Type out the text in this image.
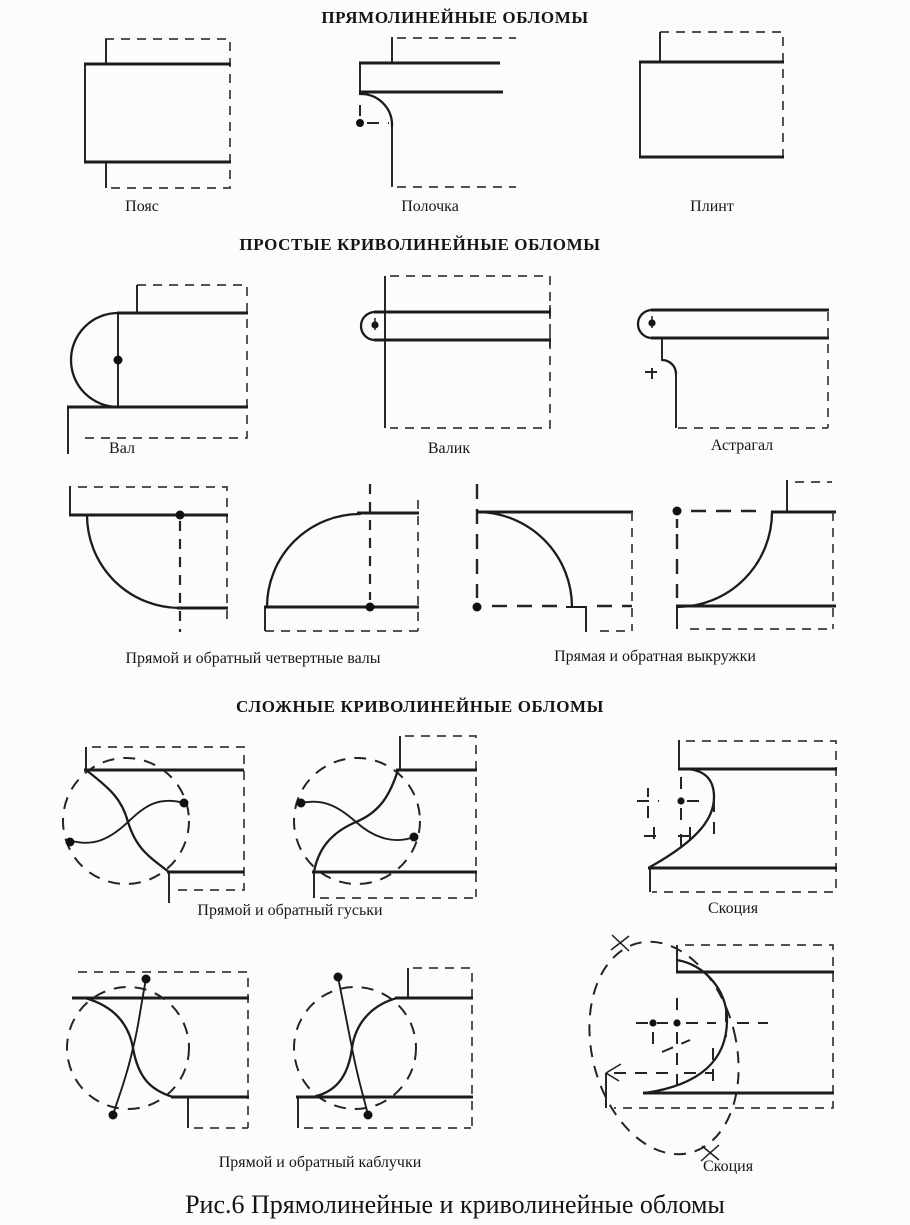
ПРЯМОЛИНЕЙНЫЕ ОБЛОМЫ
Пояс	Полочка	Плинт
ПРОСТЫЕ КРИВОЛИНЕЙНЫЕ ОБЛОМЫ
Вал	Валик	Астрагал
Прямой и обратный четвертные валы	Прямая и обратная выкружки
СЛОЖНЫЕ КРИВОЛИНЕЙНЫЕ ОБЛОМЫ
Прямой и обратный гуськи	Скоция
Прямой и обратный каблучки	Скоция
Рис.6 Прямолинейные и криволинейные обломы
